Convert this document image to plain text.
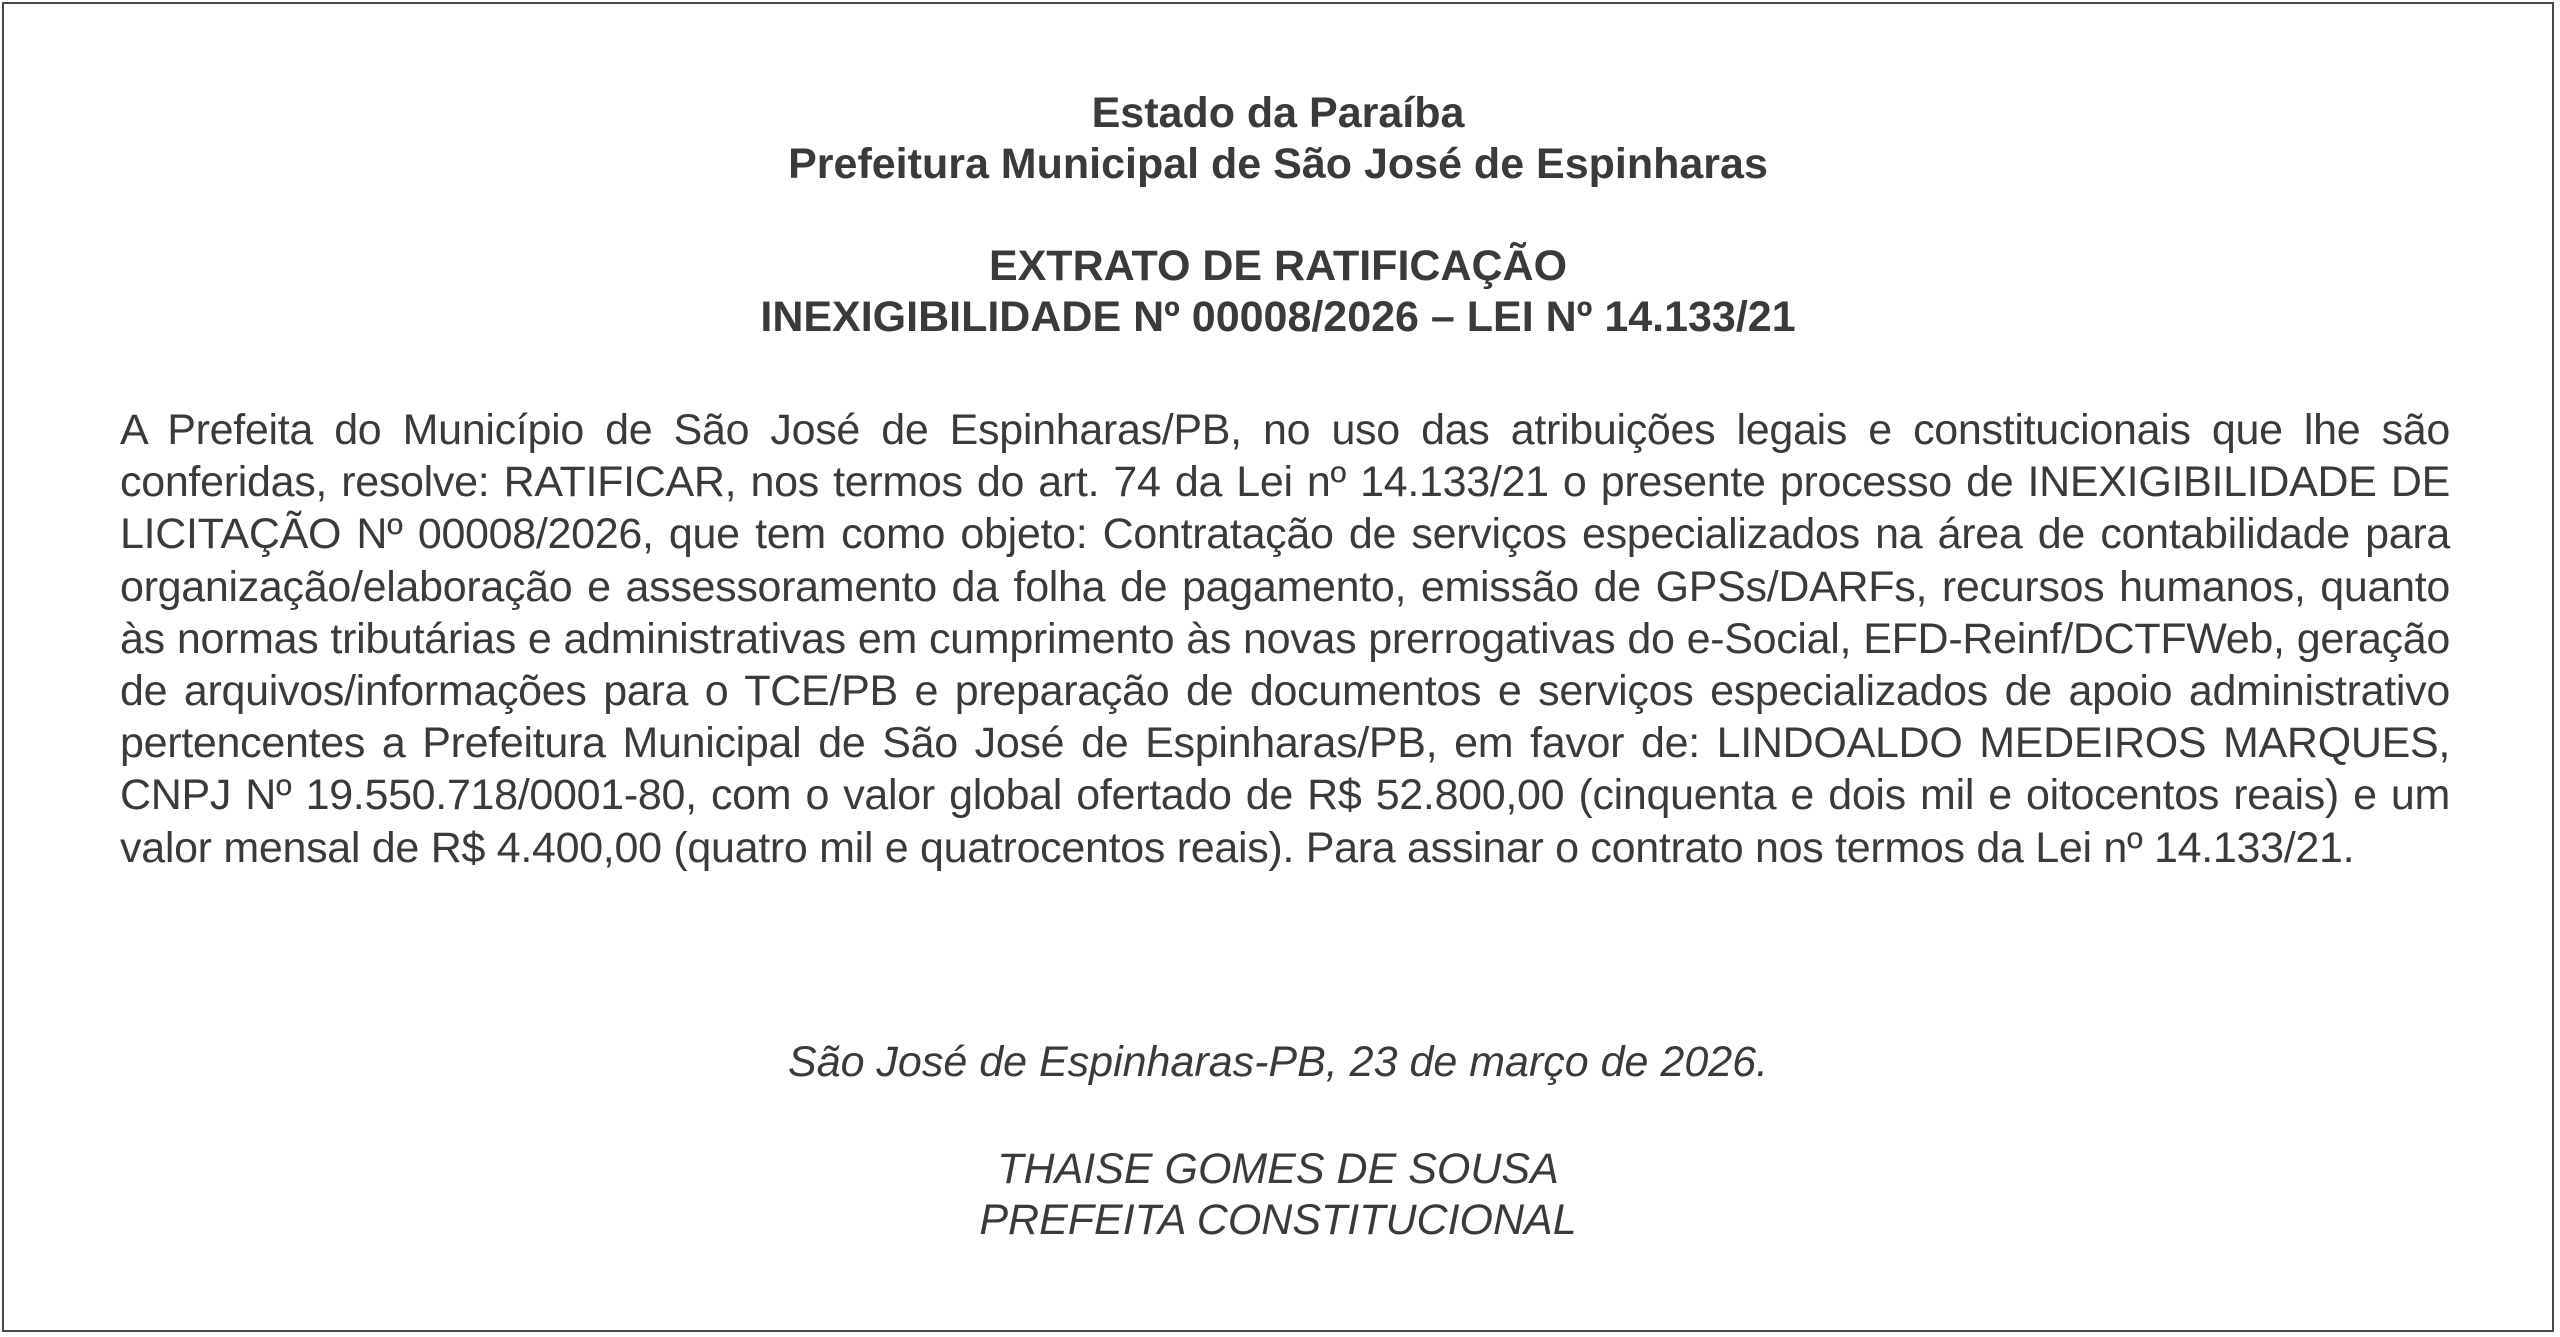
Estado da Paraíba
Prefeitura Municipal de São José de Espinharas
EXTRATO DE RATIFICAÇÃO
INEXIGIBILIDADE Nº 00008/2026 – LEI Nº 14.133/21
A Prefeita do Município de São José de Espinharas/PB, no uso das atribuições legais e constitucionais que lhe são conferidas, resolve: RATIFICAR, nos termos do art. 74 da Lei nº 14.133/21 o presente processo de INEXIGIBILIDADE DE LICITAÇÃO Nº 00008/2026, que tem como objeto: Contratação de serviços especializados na área de contabilidade para organização/elaboração e assessoramento da folha de pagamento, emissão de GPSs/DARFs, recursos humanos, quanto às normas tributárias e administrativas em cumprimento às novas prerrogativas do e-Social, EFD-Reinf/DCTFWeb, geração de arquivos/informações para o TCE/PB e preparação de documentos e serviços especializados de apoio administrativo pertencentes a Prefeitura Municipal de São José de Espinharas/PB, em favor de: LINDOALDO MEDEIROS MARQUES, CNPJ Nº 19.550.718/0001-80, com o valor global ofertado de R$ 52.800,00 (cinquenta e dois mil e oitocentos reais) e um valor mensal de R$ 4.400,00 (quatro mil e quatrocentos reais). Para assinar o contrato nos termos da Lei nº 14.133/21.
São José de Espinharas-PB, 23 de março de 2026.
THAISE GOMES DE SOUSA
PREFEITA CONSTITUCIONAL
